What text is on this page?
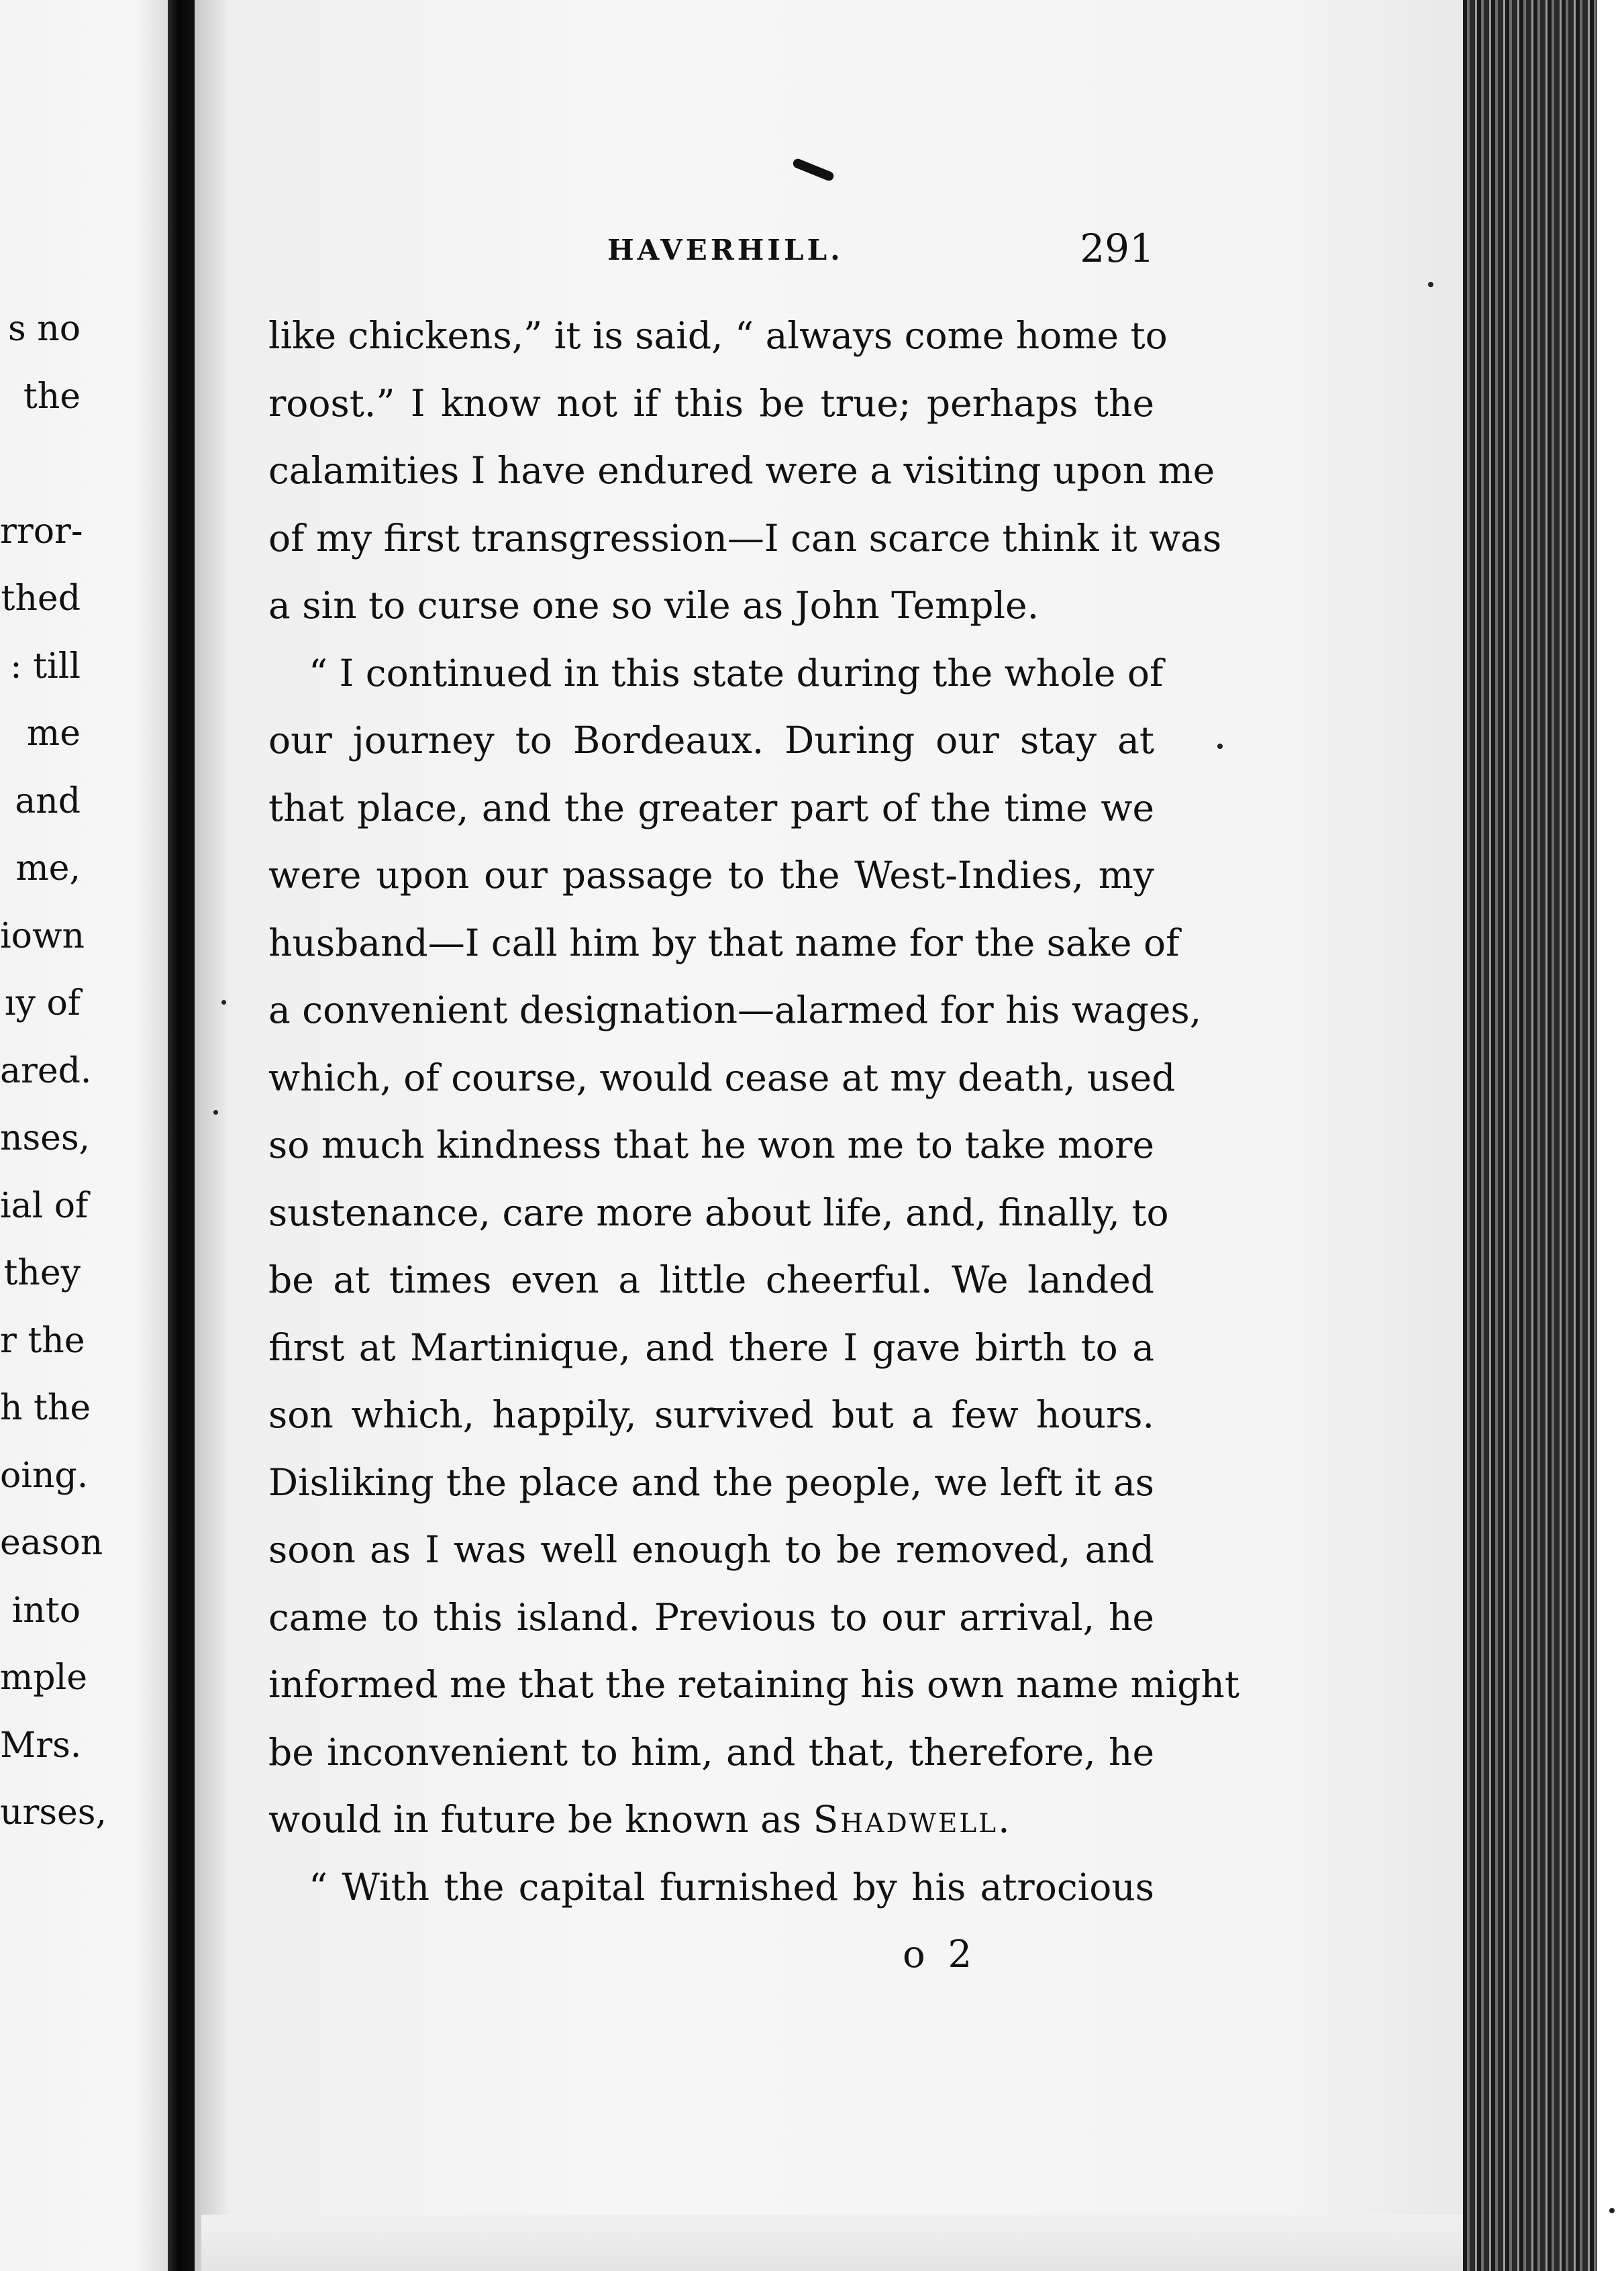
s no
the
rror-
thed
: till
me
and
me,
iown
ıy of
ared.
nses,
ial of
they
r the
h the
oing.
eason
into
mple
Mrs.
urses,
HAVERHILL.	291
like chickens,” it is said, “ always come home to
roost.” I know not if this be true; perhaps the
calamities I have endured were a visiting upon me
of my first transgression—I can scarce think it was
a sin to curse one so vile as John Temple.
“ I continued in this state during the whole of
our journey to Bordeaux. During our stay at
that place, and the greater part of the time we
were upon our passage to the West-Indies, my
husband—I call him by that name for the sake of
a convenient designation—alarmed for his wages,
which, of course, would cease at my death, used
so much kindness that he won me to take more
sustenance, care more about life, and, finally, to
be at times even a little cheerful. We landed
first at Martinique, and there I gave birth to a
son which, happily, survived but a few hours.
Disliking the place and the people, we left it as
soon as I was well enough to be removed, and
came to this island. Previous to our arrival, he
informed me that the retaining his own name might
be inconvenient to him, and that, therefore, he
would in future be known as Shadwell.
“ With the capital furnished by his atrocious
o 2
